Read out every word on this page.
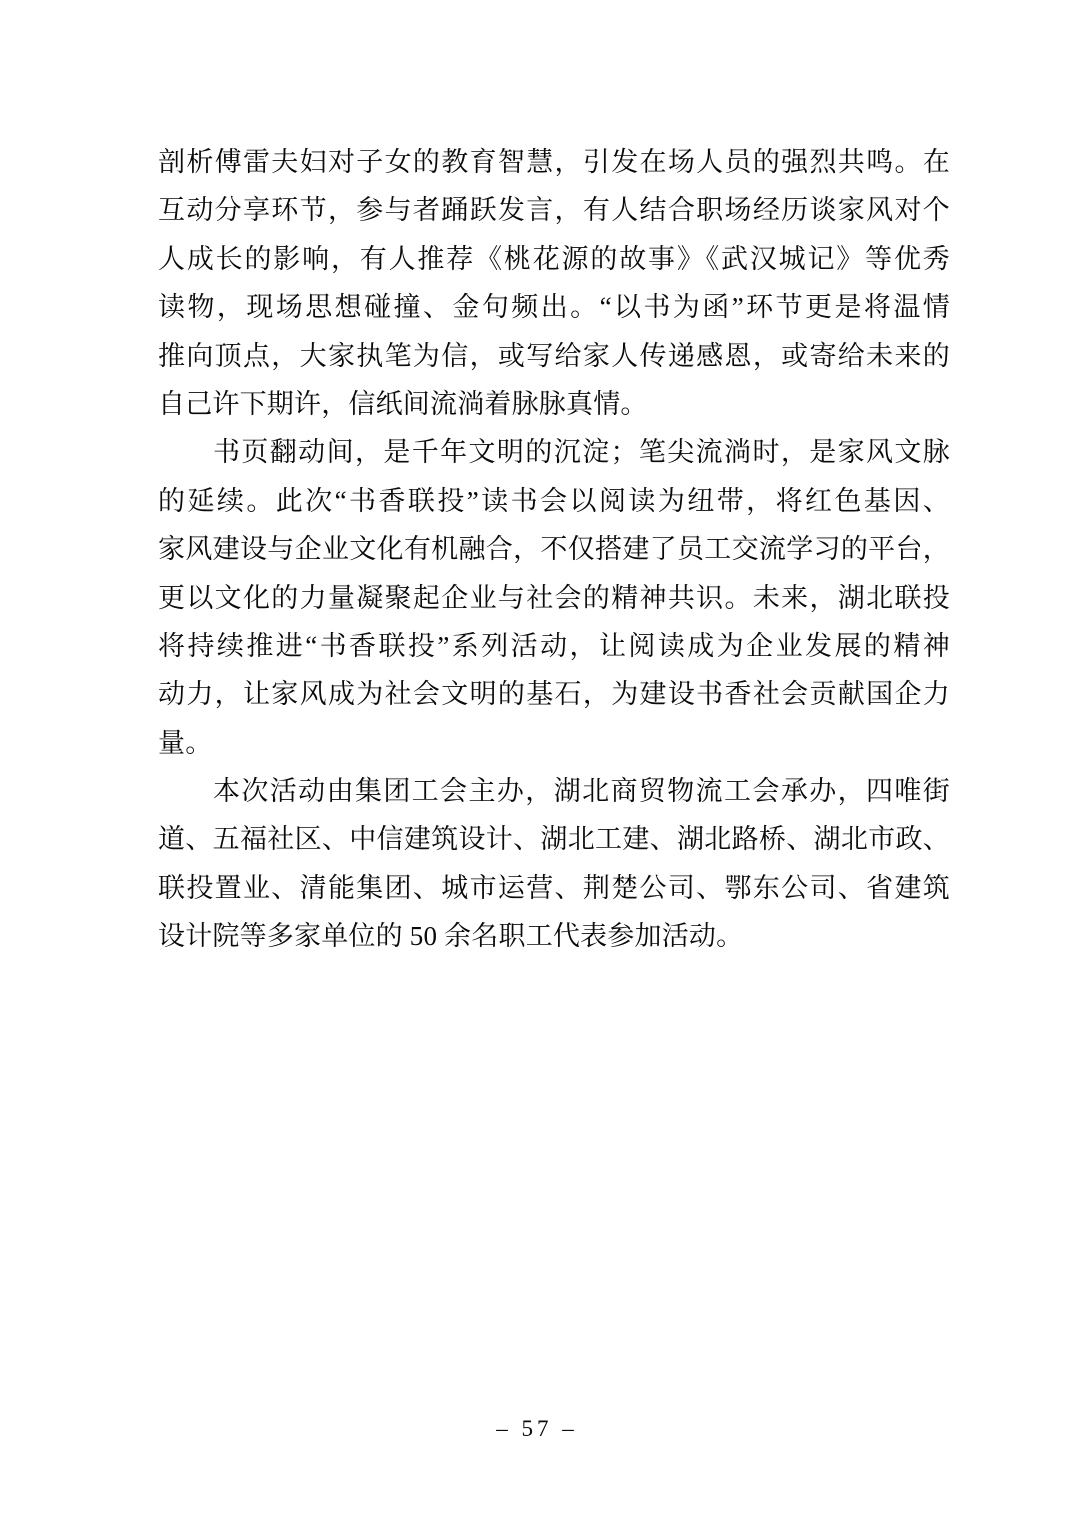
剖析傅雷夫妇对子女的教育智慧，引发在场人员的强烈共鸣。在
互动分享环节，参与者踊跃发言，有人结合职场经历谈家风对个
人成长的影响，有人推荐《桃花源的故事》《武汉城记》等优秀
读物，现场思想碰撞、金句频出。“以书为函”环节更是将温情
推向顶点，大家执笔为信，或写给家人传递感恩，或寄给未来的
自己许下期许，信纸间流淌着脉脉真情。
书页翻动间，是千年文明的沉淀；笔尖流淌时，是家风文脉
的延续。此次“书香联投”读书会以阅读为纽带，将红色基因、
家风建设与企业文化有机融合，不仅搭建了员工交流学习的平台，
更以文化的力量凝聚起企业与社会的精神共识。未来，湖北联投
将持续推进“书香联投”系列活动，让阅读成为企业发展的精神
动力，让家风成为社会文明的基石，为建设书香社会贡献国企力
量。
本次活动由集团工会主办，湖北商贸物流工会承办，四唯街
道、五福社区、中信建筑设计、湖北工建、湖北路桥、湖北市政、
联投置业、清能集团、城市运营、荆楚公司、鄂东公司、省建筑
设计院等多家单位的 50 余名职工代表参加活动。
– 57 –
